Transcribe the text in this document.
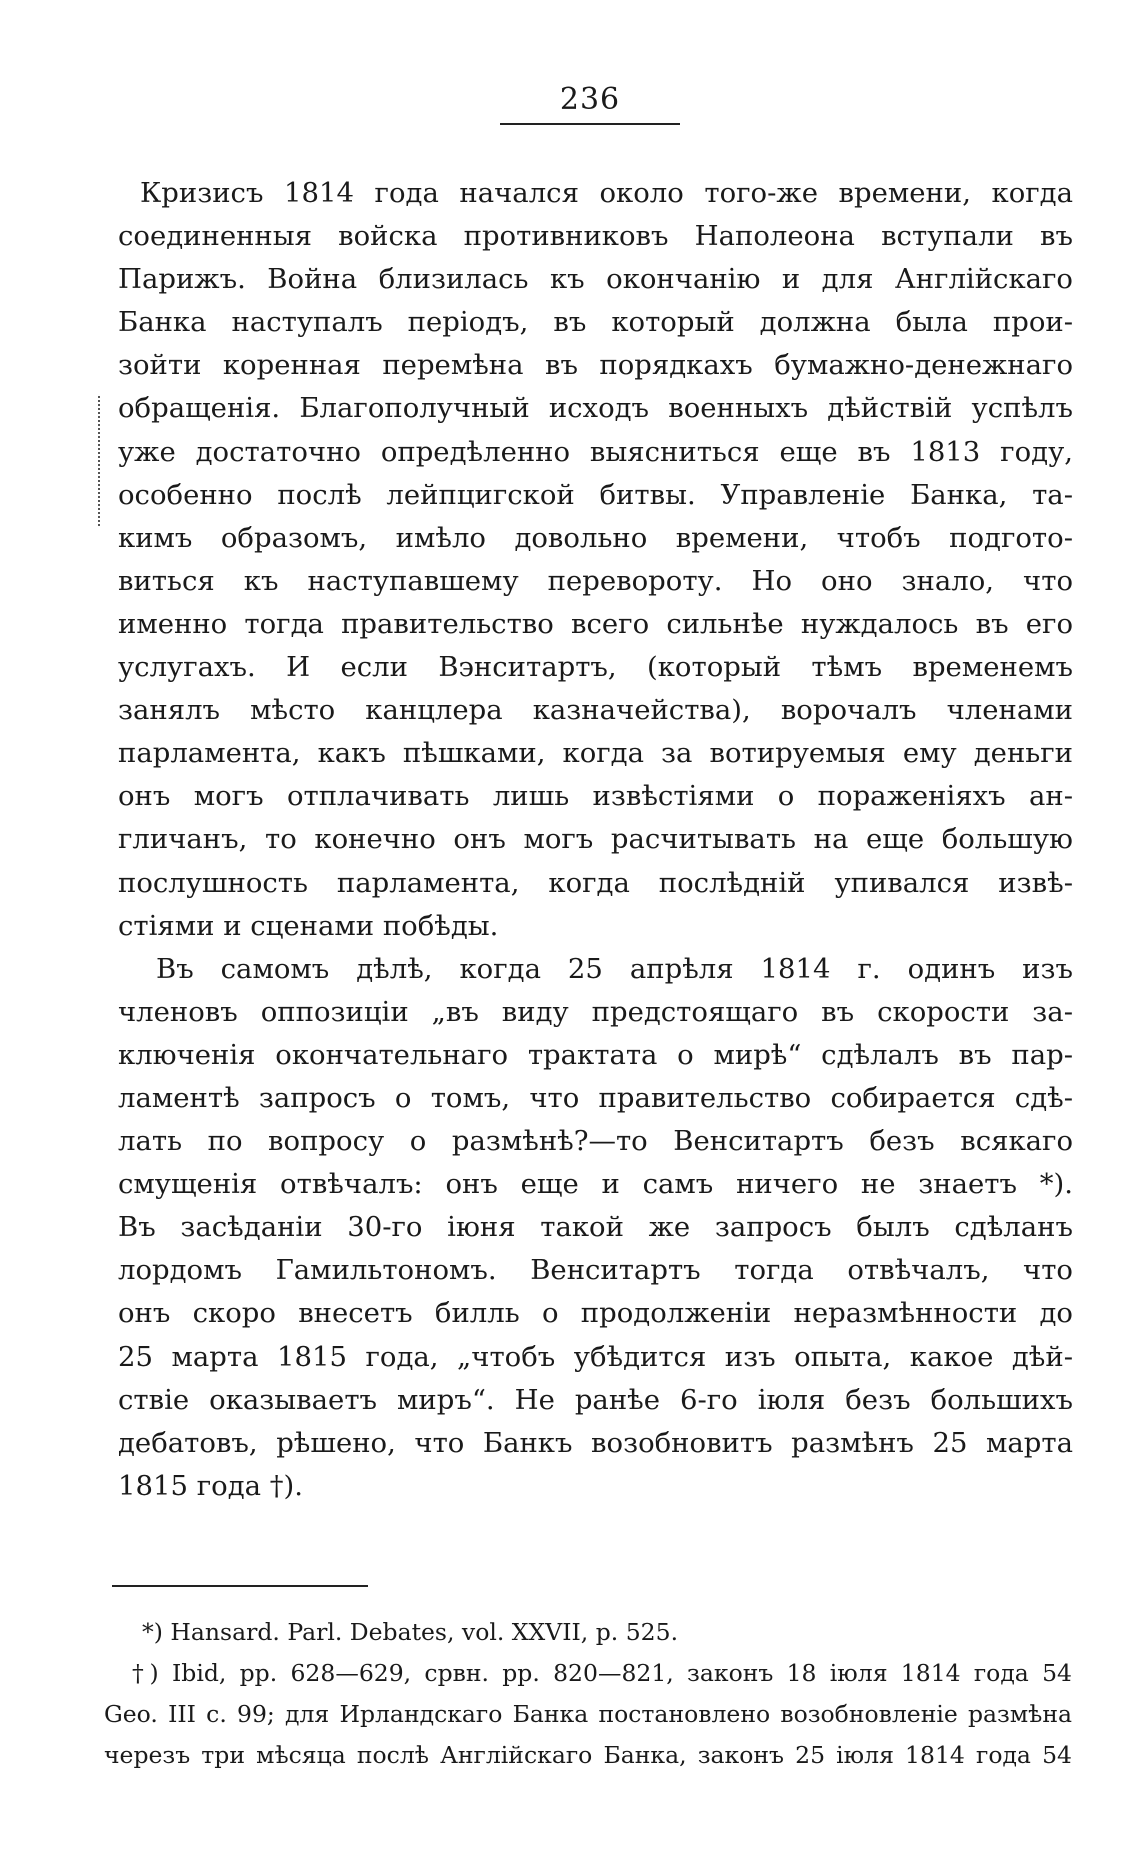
236
Кризисъ 1814 года начался около того-же времени, когда
соединенныя войска противниковъ Наполеона вступали въ
Парижъ. Война близилась къ окончанію и для Англійскаго
Банка наступалъ періодъ, въ который должна была прои-
зойти коренная перемѣна въ порядкахъ бумажно-денежнаго
обращенія. Благополучный исходъ военныхъ дѣйствій успѣлъ
уже достаточно опредѣленно выясниться еще въ 1813 году,
особенно послѣ лейпцигской битвы. Управленіе Банка, та-
кимъ образомъ, имѣло довольно времени, чтобъ подгото-
виться къ наступавшему перевороту. Но оно знало, что
именно тогда правительство всего сильнѣе нуждалось въ его
услугахъ. И если Вэнситартъ, (который тѣмъ временемъ
занялъ мѣсто канцлера казначейства), ворочалъ членами
парламента, какъ пѣшками, когда за вотируемыя ему деньги
онъ могъ отплачивать лишь извѣстіями о пораженіяхъ ан-
гличанъ, то конечно онъ могъ расчитывать на еще большую
послушность парламента, когда послѣдній упивался извѣ-
стіями и сценами побѣды.
Въ самомъ дѣлѣ, когда 25 апрѣля 1814 г. одинъ изъ
членовъ оппозиціи „въ виду предстоящаго въ скорости за-
ключенія окончательнаго трактата о мирѣ“ сдѣлалъ въ пар-
ламентѣ запросъ о томъ, что правительство собирается сдѣ-
лать по вопросу о размѣнѣ?—то Венситартъ безъ всякаго
смущенія отвѣчалъ: онъ еще и самъ ничего не знаетъ *).
Въ засѣданіи 30-го іюня такой же запросъ былъ сдѣланъ
лордомъ Гамильтономъ. Венситартъ тогда отвѣчалъ, что
онъ скоро внесетъ билль о продолженіи неразмѣнности до
25 марта 1815 года, „чтобъ убѣдится изъ опыта, какое дѣй-
ствіе оказываетъ миръ“. Не ранѣе 6-го іюля безъ большихъ
дебатовъ, рѣшено, что Банкъ возобновитъ размѣнъ 25 марта
1815 года †).
*) Hansard. Parl. Debates, vol. XXVII, p. 525.
†) Ibid, pp. 628—629, срвн. pp. 820—821, законъ 18 іюля 1814 года 54
Geo. III c. 99; для Ирландскаго Банка постановлено возобновленіе размѣна
черезъ три мѣсяца послѣ Англійскаго Банка, законъ 25 іюля 1814 года 54
